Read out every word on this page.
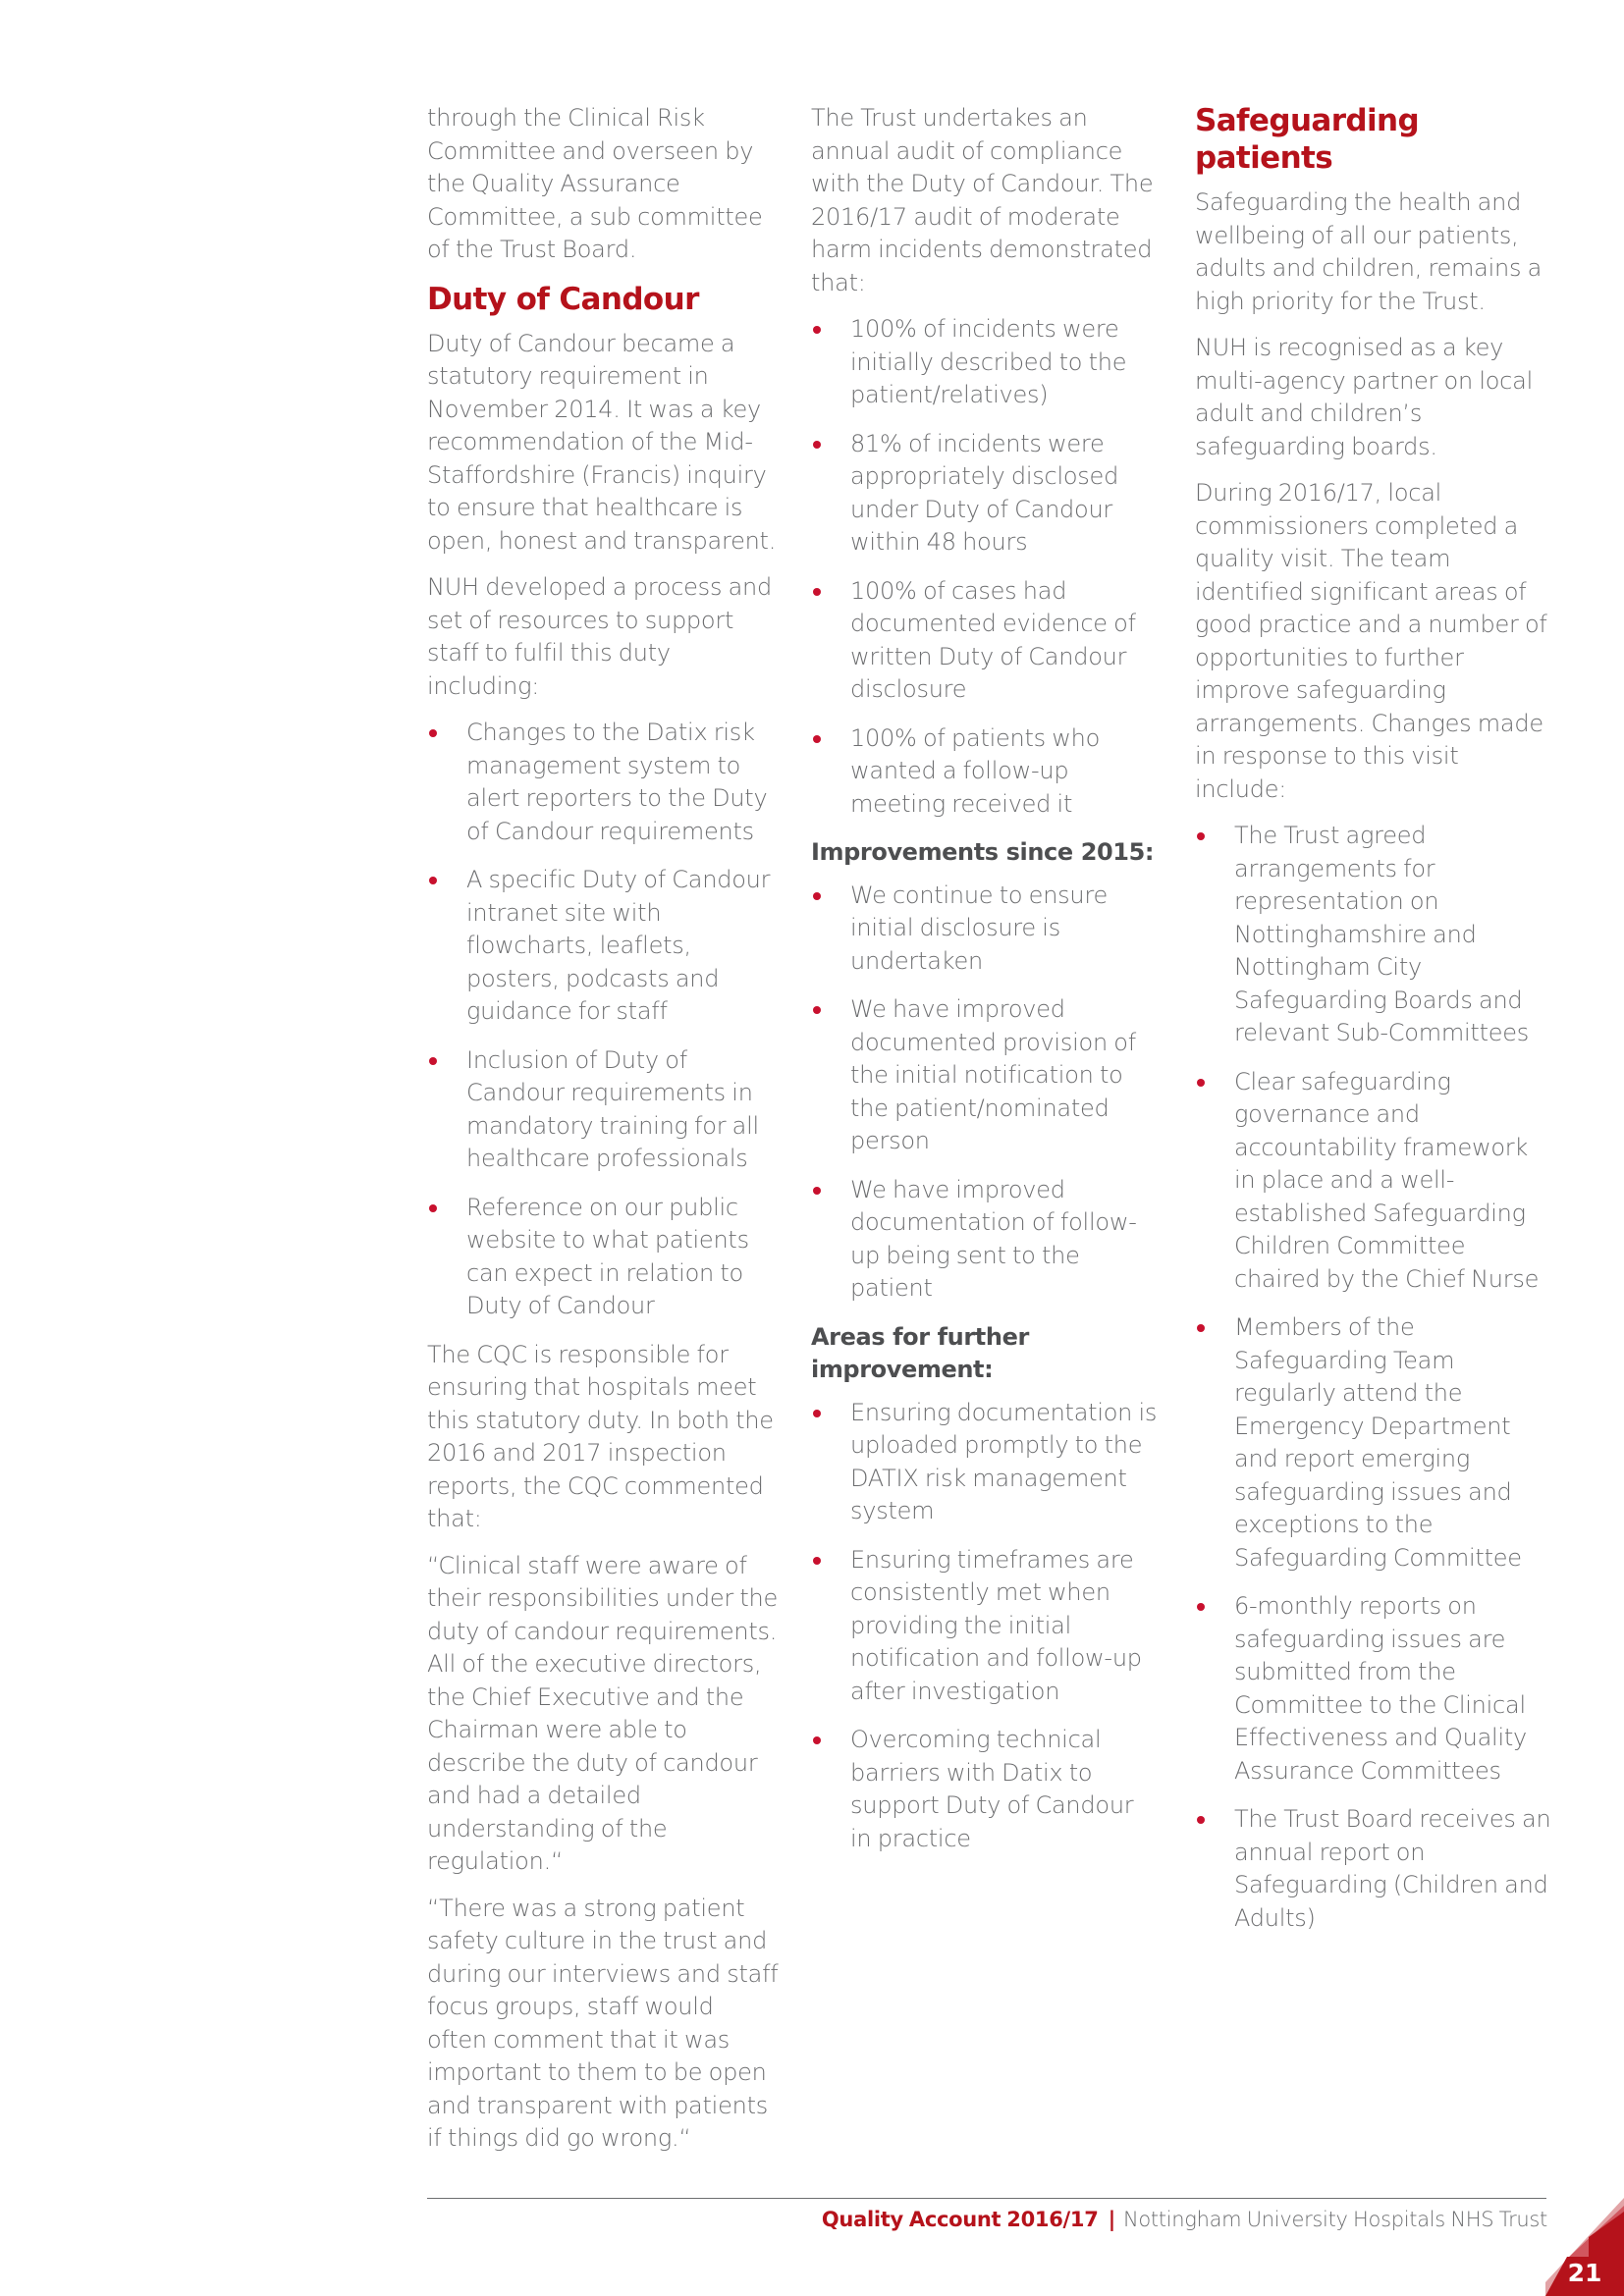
through the Clinical Risk Committee and overseen by the Quality Assurance Committee, a sub committee of the Trust Board.

Duty of Candour

Duty of Candour became a statutory requirement in November 2014. It was a key recommendation of the Mid-Staffordshire (Francis) inquiry to ensure that healthcare is open, honest and transparent.

NUH developed a process and set of resources to support staff to fulfil this duty including:

Changes to the Datix risk management system to alert reporters to the Duty of Candour requirements
A specific Duty of Candour intranet site with flowcharts, leaflets, posters, podcasts and guidance for staff
Inclusion of Duty of Candour requirements in mandatory training for all healthcare professionals
Reference on our public website to what patients can expect in relation to Duty of Candour

The CQC is responsible for ensuring that hospitals meet this statutory duty. In both the 2016 and 2017 inspection reports, the CQC commented that:

“Clinical staff were aware of their responsibilities under the duty of candour requirements. All of the executive directors, the Chief Executive and the Chairman were able to describe the duty of candour and had a detailed understanding of the regulation.“

“There was a strong patient safety culture in the trust and during our interviews and staff focus groups, staff would often comment that it was important to them to be open and transparent with patients if things did go wrong.“

The Trust undertakes an annual audit of compliance with the Duty of Candour. The 2016/17 audit of moderate harm incidents demonstrated that:

100% of incidents were initially described to the patient/relatives)
81% of incidents were appropriately disclosed under Duty of Candour within 48 hours
100% of cases had documented evidence of written Duty of Candour disclosure
100% of patients who wanted a follow-up meeting received it
Improvements since 2015:
We continue to ensure initial disclosure is undertaken
We have improved documented provision of the initial notification to the patient/nominated person
We have improved documentation of follow-up being sent to the patient
Areas for further improvement:
Ensuring documentation is uploaded promptly to the DATIX risk management system
Ensuring timeframes are consistently met when providing the initial notification and follow-up after investigation
Overcoming technical barriers with Datix to support Duty of Candour in practice
Safeguarding patients

Safeguarding the health and wellbeing of all our patients, adults and children, remains a high priority for the Trust.

NUH is recognised as a key multi-agency partner on local adult and children’s safeguarding boards.

During 2016/17, local commissioners completed a quality visit. The team identified significant areas of good practice and a number of opportunities to further improve safeguarding arrangements. Changes made in response to this visit include:

The Trust agreed arrangements for representation on Nottinghamshire and Nottingham City Safeguarding Boards and relevant Sub-Committees
Clear safeguarding governance and accountability framework in place and a well-established Safeguarding Children Committee chaired by the Chief Nurse
Members of the Safeguarding Team regularly attend the Emergency Department and report emerging safeguarding issues and exceptions to the Safeguarding Committee
6-monthly reports on safeguarding issues are submitted from the Committee to the Clinical Effectiveness and Quality Assurance Committees
The Trust Board receives an annual report on Safeguarding (Children and Adults)
Quality Account 2016/17 | Nottingham University Hospitals NHS Trust
21
